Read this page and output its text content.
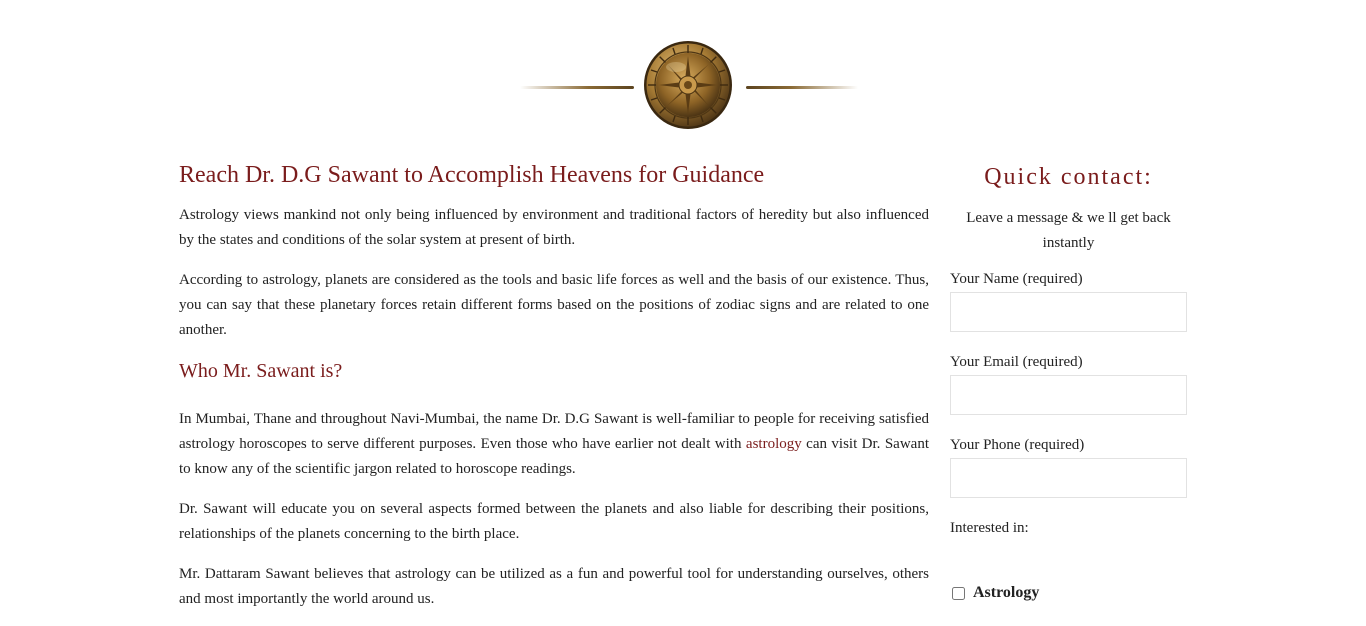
Reach Dr. D.G Sawant to Accomplish Heavens for Guidance

Astrology views mankind not only being influenced by environment and traditional factors of heredity but also influenced by the states and conditions of the solar system at present of birth.

According to astrology, planets are considered as the tools and basic life forces as well and the basis of our existence. Thus, you can say that these planetary forces retain different forms based on the positions of zodiac signs and are related to one another.

Who Mr. Sawant is?

In Mumbai, Thane and throughout Navi-Mumbai, the name Dr. D.G Sawant is well-familiar to people for receiving satisfied astrology horoscopes to serve different purposes. Even those who have earlier not dealt with astrology can visit Dr. Sawant to know any of the scientific jargon related to horoscope readings.

Dr. Sawant will educate you on several aspects formed between the planets and also liable for describing their positions, relationships of the planets concerning to the birth place.

Mr. Dattaram Sawant believes that astrology can be utilized as a fun and powerful tool for understanding ourselves, others and most importantly the world around us.

Quick contact:

Leave a message & we ll get back instantly

Your Name (required)
Your Email (required)
Your Phone (required)
Interested in:
Astrology
